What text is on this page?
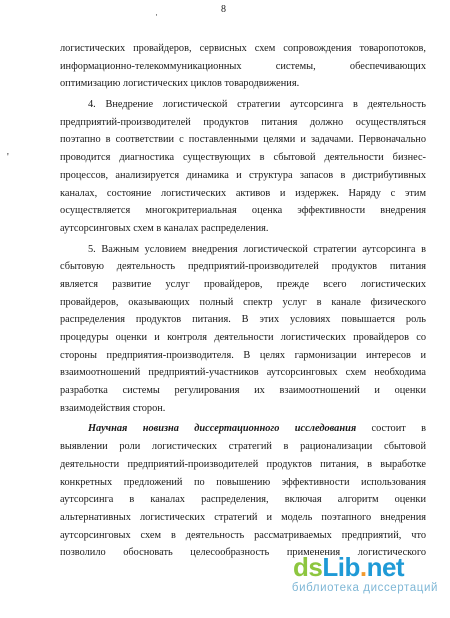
·	8
'
логистических провайдеров, сервисных схем сопровождения товаропотоков,
информационно-телекоммуникационных системы, обеспечивающих
оптимизацию логистических циклов товародвижения.
4. Внедрение логистической стратегии аутсорсинга в деятельность
предприятий-производителей продуктов питания должно осуществляться
поэтапно в соответствии с поставленными целями и задачами. Первоначально
проводится диагностика существующих в сбытовой деятельности бизнес-
процессов, анализируется динамика и структура запасов в дистрибутивных
каналах, состояние логистических активов и издержек. Наряду с этим
осуществляется многокритериальная оценка эффективности внедрения
аутсорсинговых схем в каналах распределения.
5. Важным условием внедрения логистической стратегии аутсорсинга в
сбытовую деятельность предприятий-производителей продуктов питания
является развитие услуг провайдеров, прежде всего логистических
провайдеров, оказывающих полный спектр услуг в канале физического
распределения продуктов питания. В этих условиях повышается роль
процедуры оценки и контроля деятельности логистических провайдеров со
стороны предприятия-производителя. В целях гармонизации интересов и
взаимоотношений предприятий-участников аутсорсинговых схем необходима
разработка системы регулирования их взаимоотношений и оценки
взаимодействия сторон.
Научная новизна диссертационного исследования состоит в
выявлении роли логистических стратегий в рационализации сбытовой
деятельности предприятий-производителей продуктов питания, в выработке
конкретных предложений по повышению эффективности использования
аутсорсинга в каналах распределения, включая алгоритм оценки
альтернативных логистических стратегий и модель поэтапного внедрения
аутсорсинговых схем в деятельность рассматриваемых предприятий, что
позволило обосновать целесообразность применения логистического
dsLib.net
библиотека диссертаций
